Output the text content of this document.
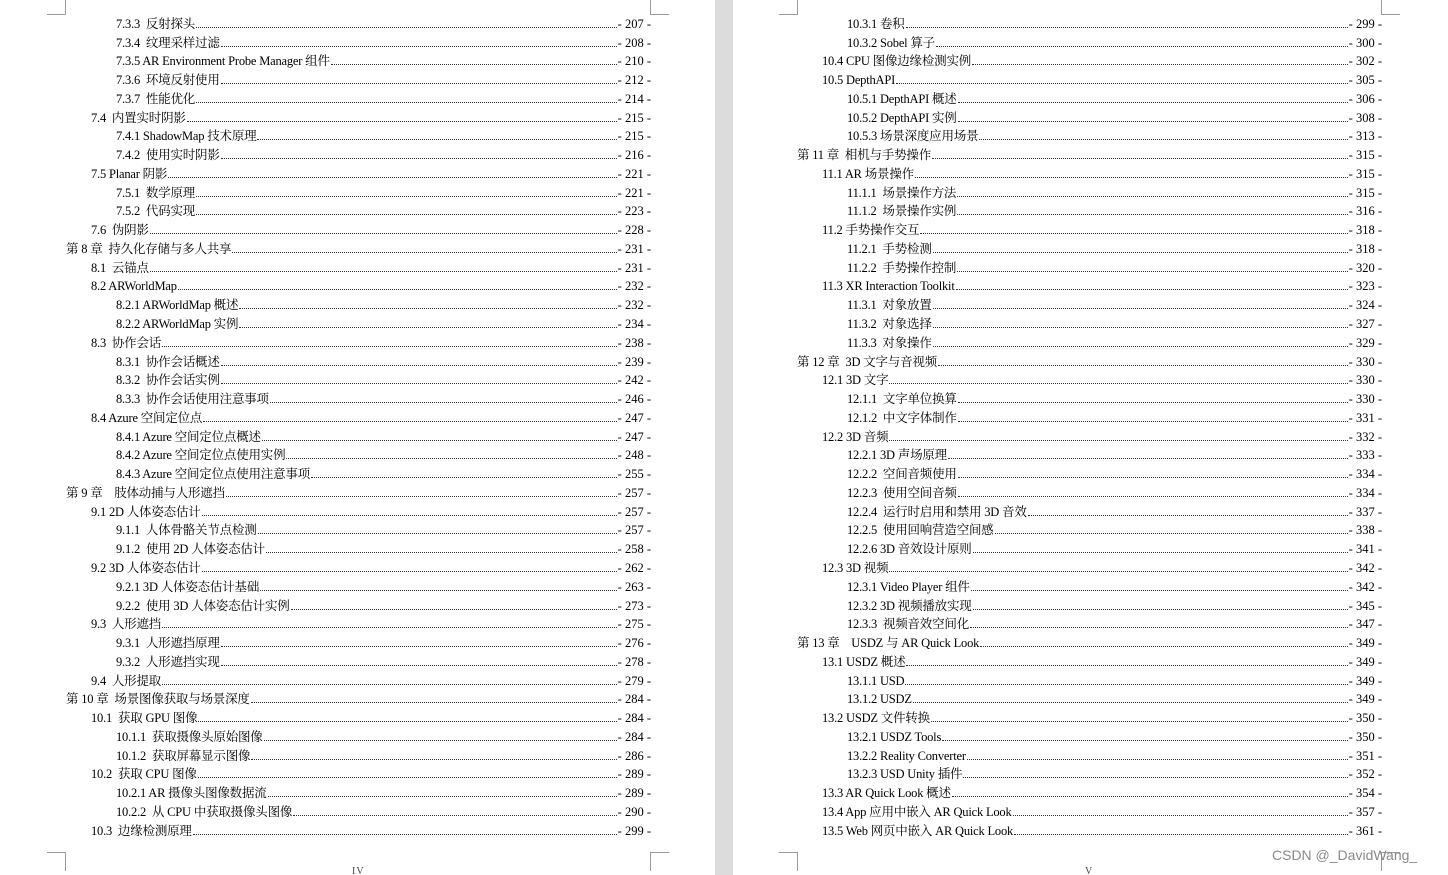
7.3.3  反射探头	- 207 -
7.3.4  纹理采样过滤	- 208 -
7.3.5 AR Environment Probe Manager 组件	- 210 -
7.3.6  环境反射使用	- 212 -
7.3.7  性能优化	- 214 -
7.4  内置实时阴影	- 215 -
7.4.1 ShadowMap 技术原理	- 215 -
7.4.2  使用实时阴影	- 216 -
7.5 Planar 阴影	- 221 -
7.5.1  数学原理	- 221 -
7.5.2  代码实现	- 223 -
7.6  伪阴影	- 228 -
第 8 章  持久化存储与多人共享	- 231 -
8.1  云锚点	- 231 -
8.2 ARWorldMap	- 232 -
8.2.1 ARWorldMap 概述	- 232 -
8.2.2 ARWorldMap 实例	- 234 -
8.3  协作会话	- 238 -
8.3.1  协作会话概述	- 239 -
8.3.2  协作会话实例	- 242 -
8.3.3  协作会话使用注意事项	- 246 -
8.4 Azure 空间定位点	- 247 -
8.4.1 Azure 空间定位点概述	- 247 -
8.4.2 Azure 空间定位点使用实例	- 248 -
8.4.3 Azure 空间定位点使用注意事项	- 255 -
第 9 章    肢体动捕与人形遮挡	- 257 -
9.1 2D 人体姿态估计	- 257 -
9.1.1  人体骨骼关节点检测	- 257 -
9.1.2  使用 2D 人体姿态估计	- 258 -
9.2 3D 人体姿态估计	- 262 -
9.2.1 3D 人体姿态估计基础	- 263 -
9.2.2  使用 3D 人体姿态估计实例	- 273 -
9.3  人形遮挡	- 275 -
9.3.1  人形遮挡原理	- 276 -
9.3.2  人形遮挡实现	- 278 -
9.4  人形提取	- 279 -
第 10 章  场景图像获取与场景深度	- 284 -
10.1  获取 GPU 图像	- 284 -
10.1.1  获取摄像头原始图像	- 284 -
10.1.2  获取屏幕显示图像	- 286 -
10.2  获取 CPU 图像	- 289 -
10.2.1 AR 摄像头图像数据流	- 289 -
10.2.2  从 CPU 中获取摄像头图像	- 290 -
10.3  边缘检测原理	- 299 -
IV
10.3.1 卷积	- 299 -
10.3.2 Sobel 算子	- 300 -
10.4 CPU 图像边缘检测实例	- 302 -
10.5 DepthAPI	- 305 -
10.5.1 DepthAPI 概述	- 306 -
10.5.2 DepthAPI 实例	- 308 -
10.5.3 场景深度应用场景	- 313 -
第 11 章  相机与手势操作	- 315 -
11.1 AR 场景操作	- 315 -
11.1.1  场景操作方法	- 315 -
11.1.2  场景操作实例	- 316 -
11.2 手势操作交互	- 318 -
11.2.1  手势检测	- 318 -
11.2.2  手势操作控制	- 320 -
11.3 XR Interaction Toolkit	- 323 -
11.3.1  对象放置	- 324 -
11.3.2  对象选择	- 327 -
11.3.3  对象操作	- 329 -
第 12 章  3D 文字与音视频	- 330 -
12.1 3D 文字	- 330 -
12.1.1  文字单位换算	- 330 -
12.1.2  中文字体制作	- 331 -
12.2 3D 音频	- 332 -
12.2.1 3D 声场原理	- 333 -
12.2.2  空间音频使用	- 334 -
12.2.3  使用空间音频	- 334 -
12.2.4  运行时启用和禁用 3D 音效	- 337 -
12.2.5  使用回响营造空间感	- 338 -
12.2.6 3D 音效设计原则	- 341 -
12.3 3D 视频	- 342 -
12.3.1 Video Player 组件	- 342 -
12.3.2 3D 视频播放实现	- 345 -
12.3.3  视频音效空间化	- 347 -
第 13 章    USDZ 与 AR Quick Look	- 349 -
13.1 USDZ 概述	- 349 -
13.1.1 USD	- 349 -
13.1.2 USDZ	- 349 -
13.2 USDZ 文件转换	- 350 -
13.2.1 USDZ Tools	- 350 -
13.2.2 Reality Converter	- 351 -
13.2.3 USD Unity 插件	- 352 -
13.3 AR Quick Look 概述	- 354 -
13.4 App 应用中嵌入 AR Quick Look	- 357 -
13.5 Web 网页中嵌入 AR Quick Look	- 361 -
V
CSDN @_DavidWang_
